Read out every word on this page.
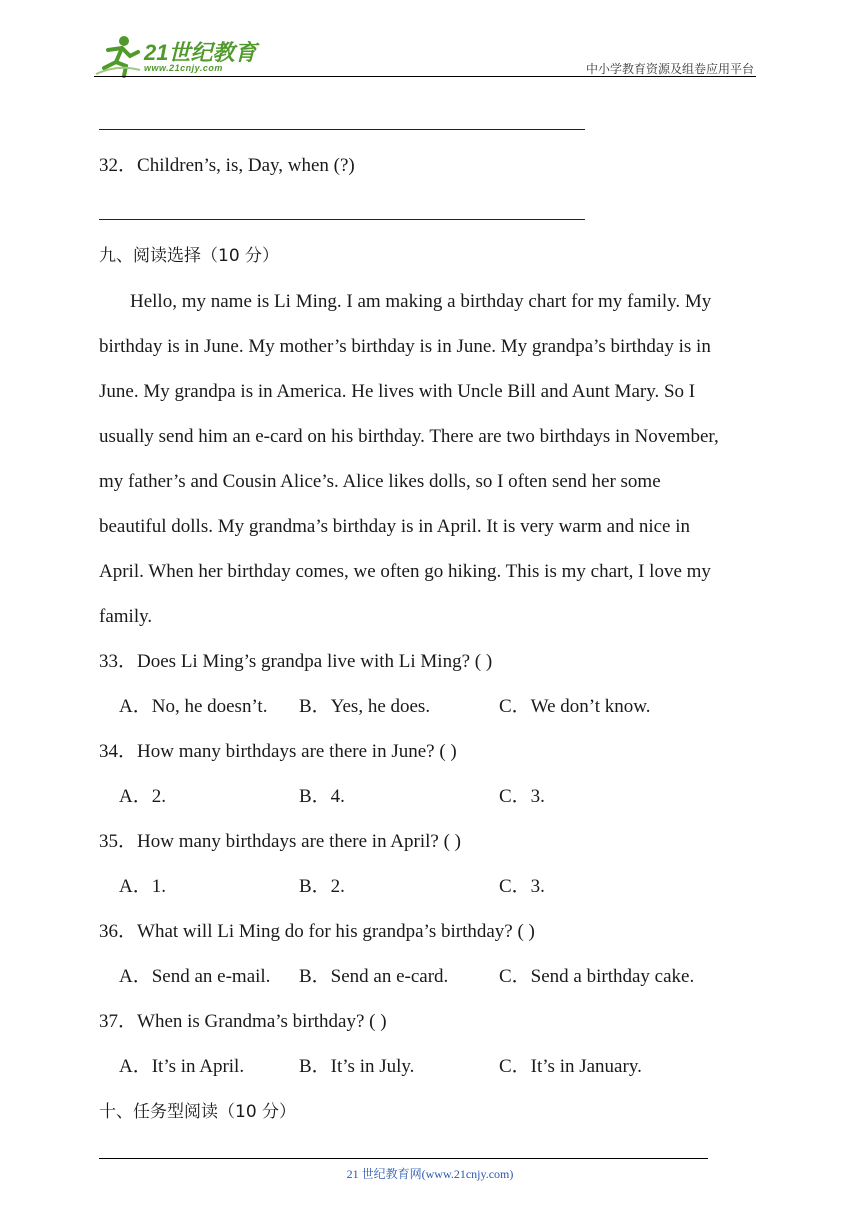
21世纪教育
www.21cnjy.com	中小学教育资源及组卷应用平台
32．Children’s, is, Day, when (?)
九、阅读选择（10 分）

Hello, my name is Li Ming. I am making a birthday chart for my family. My

birthday is in June. My mother’s birthday is in June. My grandpa’s birthday is in

June. My grandpa is in America. He lives with Uncle Bill and Aunt Mary. So I

usually send him an e-card on his birthday. There are two birthdays in November,

my father’s and Cousin Alice’s. Alice likes dolls, so I often send her some

beautiful dolls. My grandma’s birthday is in April. It is very warm and nice in

April. When her birthday comes, we often go hiking. This is my chart, I love my

family.

33．Does Li Ming’s grandpa live with Li Ming? ( )
A．No, he doesn’t. B．Yes, he does.	C．We don’t know.
34．How many birthdays are there in June? ( )
A．2.	B．4.	C．3.
35．How many birthdays are there in April? ( )
A．1.	B．2.	C．3.
36．What will Li Ming do for his grandpa’s birthday? ( )
A．Send an e-mail. B．Send an e-card.	C．Send a birthday cake.
37．When is Grandma’s birthday? ( )
A．It’s in April.	B．It’s in July.	C．It’s in January.
十、任务型阅读（10 分）
21 世纪教育网(www.21cnjy.com)
